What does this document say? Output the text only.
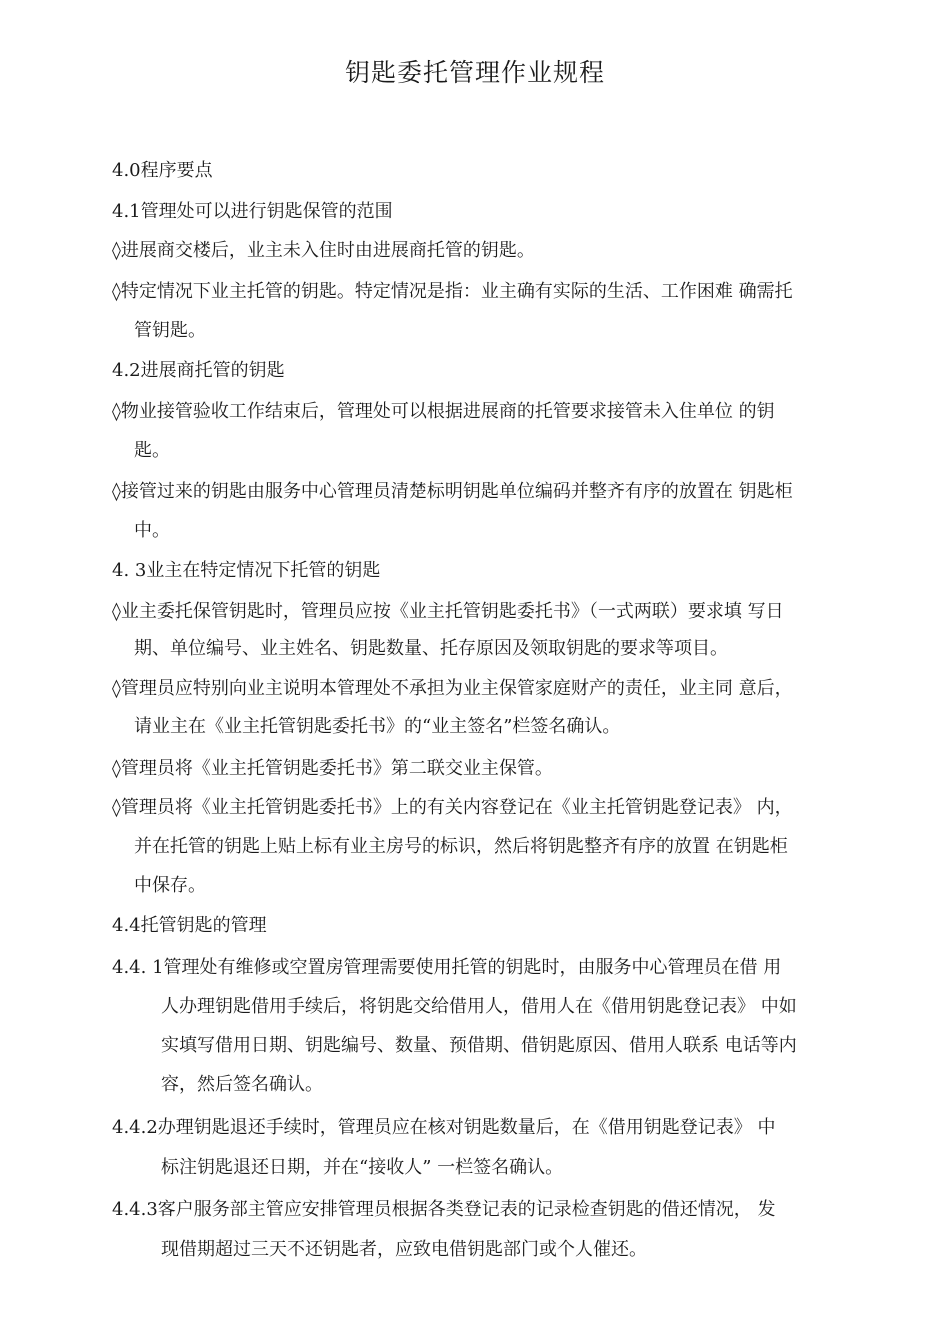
钥匙委托管理作业规程
4.0程序要点
4.1管理处可以进行钥匙保管的范围
◊进展商交楼后，业主未入住时由进展商托管的钥匙。
◊特定情况下业主托管的钥匙。特定情况是指：业主确有实际的生活、工作困难 确需托
管钥匙。
4.2进展商托管的钥匙
◊物业接管验收工作结束后，管理处可以根据进展商的托管要求接管未入住单位 的钥
匙。
◊接管过来的钥匙由服务中心管理员清楚标明钥匙单位编码并整齐有序的放置在 钥匙柜
中。
4. 3业主在特定情况下托管的钥匙
◊业主委托保管钥匙时，管理员应按《业主托管钥匙委托书》（一式两联）要求填 写日
期、单位编号、业主姓名、钥匙数量、托存原因及领取钥匙的要求等项目。
◊管理员应特别向业主说明本管理处不承担为业主保管家庭财产的责任，业主同 意后，
请业主在《业主托管钥匙委托书》的“业主签名”栏签名确认。
◊管理员将《业主托管钥匙委托书》第二联交业主保管。
◊管理员将《业主托管钥匙委托书》上的有关内容登记在《业主托管钥匙登记表》 内，
并在托管的钥匙上贴上标有业主房号的标识，然后将钥匙整齐有序的放置 在钥匙柜
中保存。
4.4托管钥匙的管理
4.4. 1管理处有维修或空置房管理需要使用托管的钥匙时，由服务中心管理员在借 用
人办理钥匙借用手续后，将钥匙交给借用人，借用人在《借用钥匙登记表》 中如
实填写借用日期、钥匙编号、数量、预借期、借钥匙原因、借用人联系 电话等内
容，然后签名确认。
4.4.2办理钥匙退还手续时，管理员应在核对钥匙数量后，在《借用钥匙登记表》 中
标注钥匙退还日期，并在“接收人” 一栏签名确认。
4.4.3客户服务部主管应安排管理员根据各类登记表的记录检查钥匙的借还情况， 发
现借期超过三天不还钥匙者，应致电借钥匙部门或个人催还。
